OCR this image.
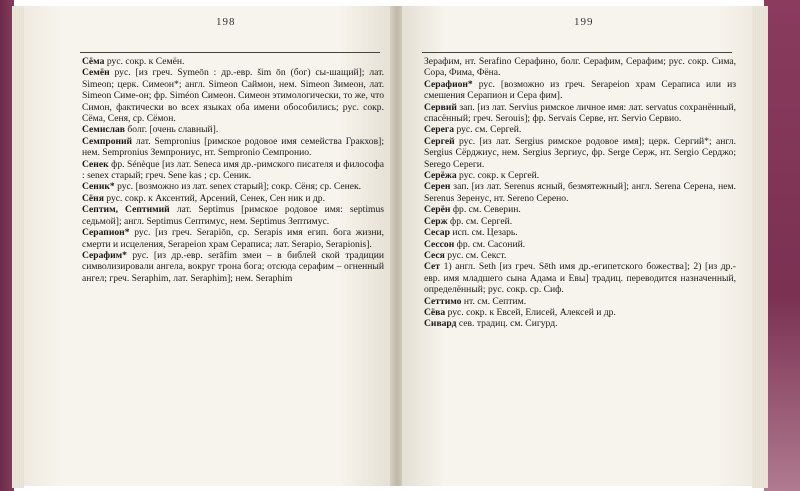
198
Сёма рус. сокр. к Семён.
Семён рус. [из греч. Symeōn : др.-евр. šim ōn (бог) сы-шащий]; лат. Simeon; церк. Симеон*; англ. Simeon Саймон, нем. Simeon Зимеон, лат. Simeon Симе-он; фр. Siméon Симеон. Симеон этимологически, то же, что Симон, фактически во всех языках оба имени обособились; рус. сокр. Сёма, Сеня, ср. Сёмон.
Семислав болг. [очень славный].
Семпроний лат. Sempronius [римское родовое имя семейства Гракхов]; нем. Sempronius Земпрониус, нт. Sempronio Семпронио.
Сенек фр. Sénèque [из лат. Seneca имя др.-римского писателя и философа : senex старый; греч. Sene kas ; ср. Сеник.
Сеник* рус. [возможно из лат. senex старый]; сокр. Сёня; ср. Сенек.
Сёня рус. сокр. к Аксентий, Арсений, Сенек, Сен ник и др.
Септим, Септимий лат. Septimus [римское родовое имя: septimus седьмой]; англ. Septimus Септимус, нем. Septimus Зептимус.
Серапион* рус. [из греч. Serapiōn, ср. Serapis имя егип. бога жизни, смерти и исцеления, Serapeion храм Сераписа; лат. Serapio, Serapionis].
Серафим* рус. [из др.-евр. serāfim змеи – в библей ской традиции символизировали ангела, вокруг трона бога; отсюда серафим – огненный ангел; греч. Seraphim, лат. Seraphim]; нем. Seraphim
199
Зерафим, нт. Serafino Серафино, болг. Серафим, Серафим; рус. сокр. Сима, Сора, Фима, Фёна.
Серафион* рус. [возможно из греч. Serapeion храм Сераписа или из смешения Серапион и Сера фим].
Сервий зап. [из лат. Servius римское личное имя: лат. servatus сохранённый, спасённый; греч. Serouis]; фр. Servais Серве, нт. Servio Сервио.
Серега рус. см. Сергей.
Сергей рус. [из лат. Sergius римское родовое имя]; церк. Сергий*; англ. Sergius Сёрджиус, нем. Sergius Зергиус, фр. Serge Серж, нт. Sergio Серджо; Serego Сереги.
Серёжа рус. сокр. к Сергей.
Серен зап. [из лат. Serenus ясный, безмятежный]; англ. Serena Серена, нем. Serenus Зеренус, нт. Sereno Серено.
Серён фр. см. Северин.
Серж фр. см. Сергей.
Сесар исп. см. Цезарь.
Сессон фр. см. Сасоний.
Сеся рус. см. Секст.
Сет 1) англ. Seth [из греч. Sēth имя др.-египетского божества]; 2) [из др.-евр. имя младшего сына Адама и Евы] традиц. переводится назначенный, определённый; рус. сокр. ср. Сиф.
Сеттимо нт. см. Септим.
Сёва рус. сокр. к Евсей, Елисей, Алексей и др.
Сивард сев. традиц. см. Сигурд.
